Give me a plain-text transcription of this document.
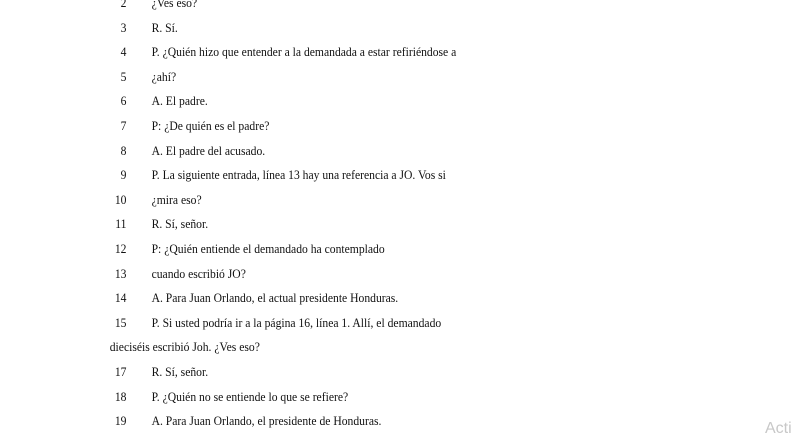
2 ¿Ves eso?
3 R. Sí.
4 P. ¿Quién hizo que entender a la demandada a estar refiriéndose a
5 ¿ahí?
6 A. El padre.
7 P: ¿De quién es el padre?
8 A. El padre del acusado.
9 P. La siguiente entrada, línea 13 hay una referencia a JO. Vos si
10 ¿mira eso?
11 R. Sí, señor.
12 P: ¿Quién entiende el demandado ha contemplado
13 cuando escribió JO?
14 A. Para Juan Orlando, el actual presidente Honduras.
15 P. Si usted podría ir a la página 16, línea 1. Allí, el demandado
dieciséis escribió Joh. ¿Ves eso?
17 R. Sí, señor.
18 P. ¿Quién no se entiende lo que se refiere?
19 A. Para Juan Orlando, el presidente de Honduras.	Acti
